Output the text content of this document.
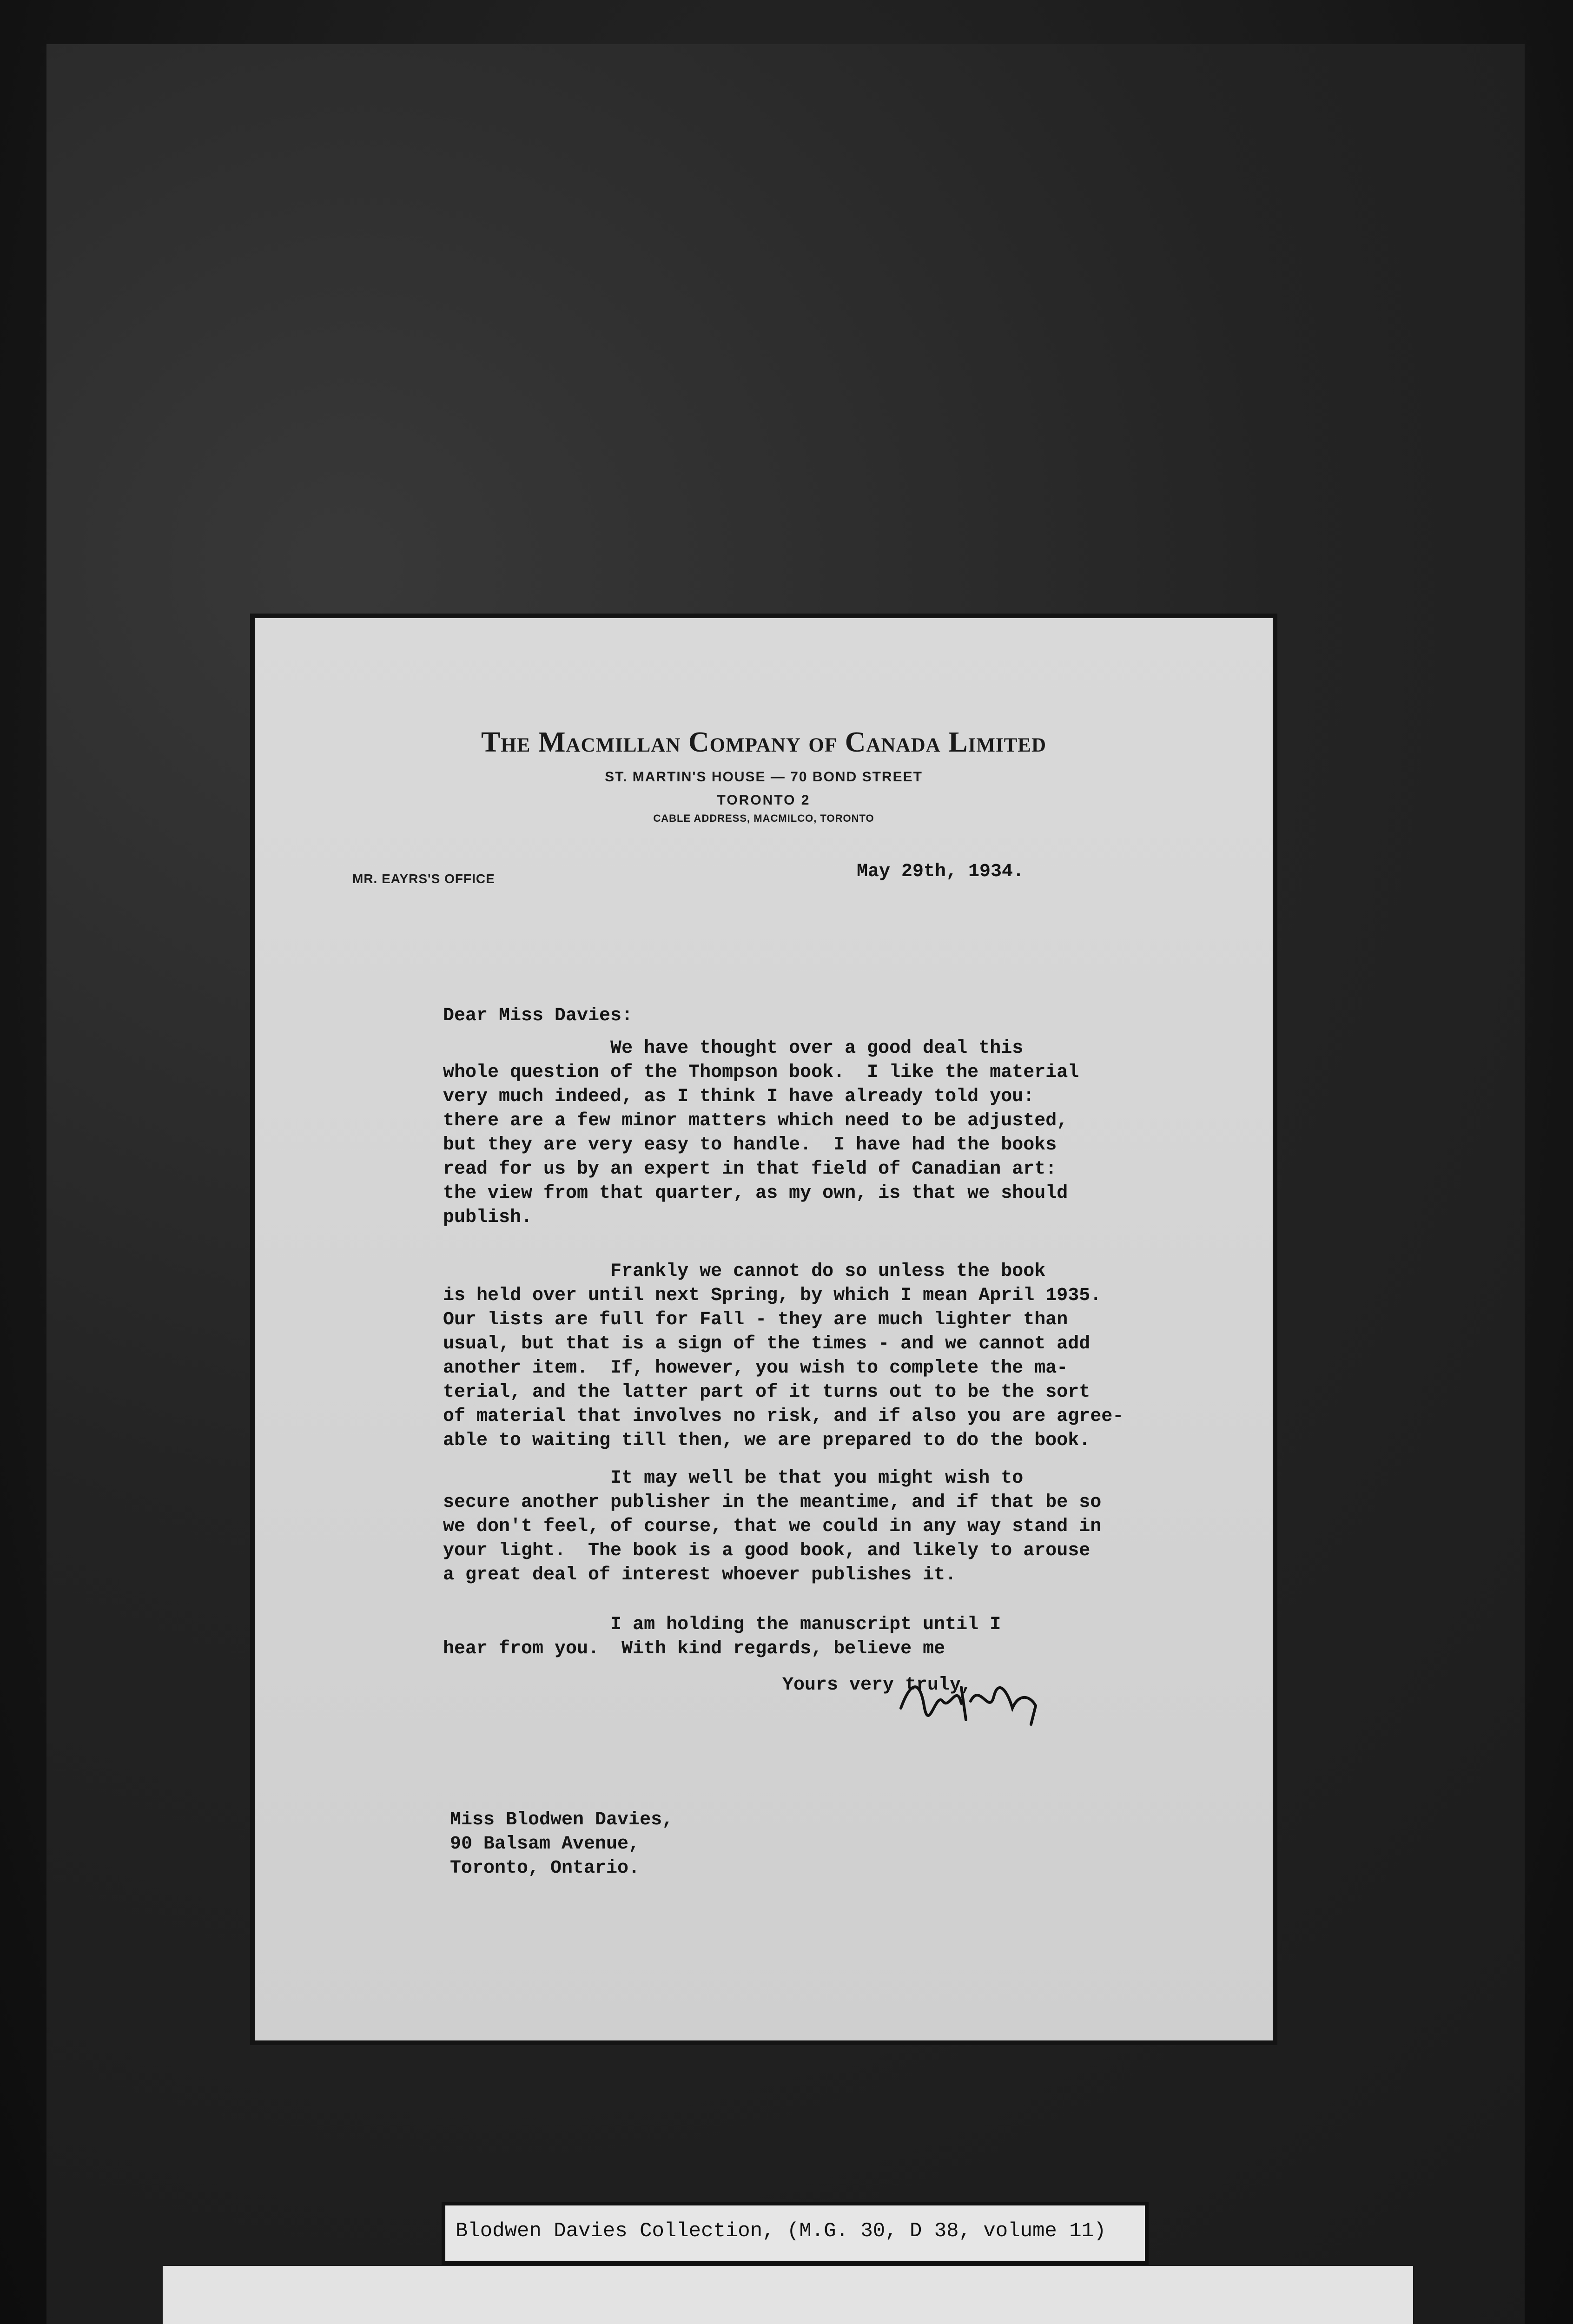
The Macmillan Company of Canada Limited
ST. MARTIN'S HOUSE — 70 BOND STREET
TORONTO 2
CABLE ADDRESS, MACMILCO, TORONTO
MR. EAYRS'S OFFICE	May 29th, 1934.
Dear Miss Davies:
We have thought over a good deal this
whole question of the Thompson book.  I like the material
very much indeed, as I think I have already told you:
there are a few minor matters which need to be adjusted,
but they are very easy to handle.  I have had the books
read for us by an expert in that field of Canadian art:
the view from that quarter, as my own, is that we should
publish.
Frankly we cannot do so unless the book
is held over until next Spring, by which I mean April 1935.
Our lists are full for Fall - they are much lighter than
usual, but that is a sign of the times - and we cannot add
another item.  If, however, you wish to complete the ma-
terial, and the latter part of it turns out to be the sort
of material that involves no risk, and if also you are agree-
able to waiting till then, we are prepared to do the book.
It may well be that you might wish to
secure another publisher in the meantime, and if that be so
we don't feel, of course, that we could in any way stand in
your light.  The book is a good book, and likely to arouse
a great deal of interest whoever publishes it.
I am holding the manuscript until I
hear from you.  With kind regards, believe me
Yours very truly,
Miss Blodwen Davies,
90 Balsam Avenue,
Toronto, Ontario.
Blodwen Davies Collection, (M.G. 30, D 38, volume 11)
